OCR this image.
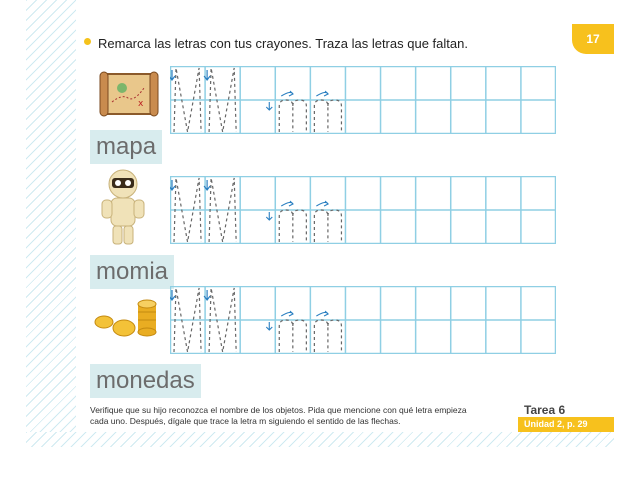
Remarca las letras con tus crayones. Traza las letras que faltan.	17
x
mapa
momia
monedas
Verifique que su hijo reconozca el nombre de los objetos. Pida que mencione con qué letra empieza
cada uno. Después, dígale que trace la letra m siguiendo el sentido de las flechas.
Tarea 6
Unidad 2, p. 29
